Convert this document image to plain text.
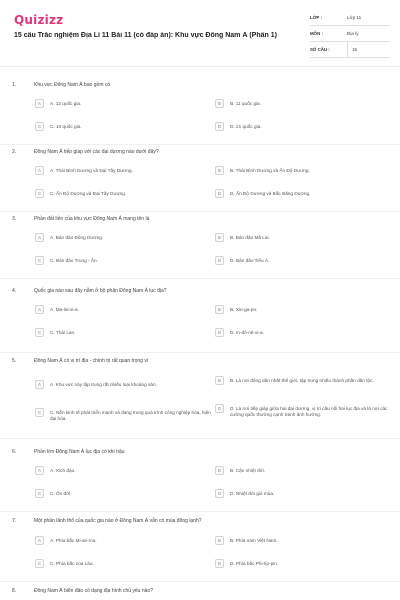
Quizizz
15 câu Trắc nghiệm Địa Lí 11 Bài 11 (có đáp án): Khu vực Đông Nam Á (Phần 1)
LỚP :	Lớp 11
MÔN :	Địa lý
SỐ CÂU :	15
1.	Khu vực Đông Nam Á bao gồm có
A	A. 12 quốc gia.	B	B. 11 quốc gia.
C	C. 10 quốc gia.	D	D. 21 quốc gia.
2.	Đông Nam Á tiếp giáp với các đại dương nào dưới đây?
A	A. Thái Bình Dương và Đại Tây Dương.	B	B. Thái Bình Dương và Ấn Độ Dương.
C	C. Ấn Độ Dương và Đại Tây Dương.	D	D. Ấn Độ Dương và Bắc Băng Dương.
3.	Phần đất liền của khu vực Đông Nam Á mang tên là
A	A. Bán đảo Đông Dương.	B	B. Bán đảo Mã Lai.
C	C. Bán đảo Trung - Ấn.	D	D. Bán đảo Tiểu Á.
4.	Quốc gia nào sau đây nằm ở bộ phận Đông Nam Á lục địa?
A	A. Ma-lai-xi-a.	B	B. Xin-ga-po.
C	C. Thái Lan.	D	D. In-đô-nê-xi-a.
5.	Đông Nam Á có vị trí địa - chính trị rất quan trọng vì
A	A. Khu vực này tập trung rất nhiều loại khoáng sản.
B	B. Là nơi đông dân nhất thế giới, tập trung nhiều thành phần dân tộc.
C	C. Nền kinh tế phát triển mạnh và đang trong quá trình công nghiệp hóa, hiện đại hóa.
D	D. Là nơi tiếp giáp giữa hai đại dương, vị trí cầu nối hai lục địa và là nơi các cường quốc thường cạnh tranh ảnh hưởng.
6.	Phần lớn Đông Nam Á lục địa có khí hậu
A	A. Xích đạo.	B	B. Cận nhiệt đới.
C	C. Ôn đới.	D	D. Nhiệt đới gió mùa.
7.	Một phần lãnh thổ của quốc gia nào ở Đông Nam Á vẫn có mùa đông lạnh?
A	A. Phía bắc Mi-an-ma.	B	B. Phía nam Việt Nam.
C	C. Phía bắc của Lào.	D	D. Phía bắc Phi-líp-pin.
8.	Đông Nam Á biển đảo có dạng địa hình chủ yếu nào?
